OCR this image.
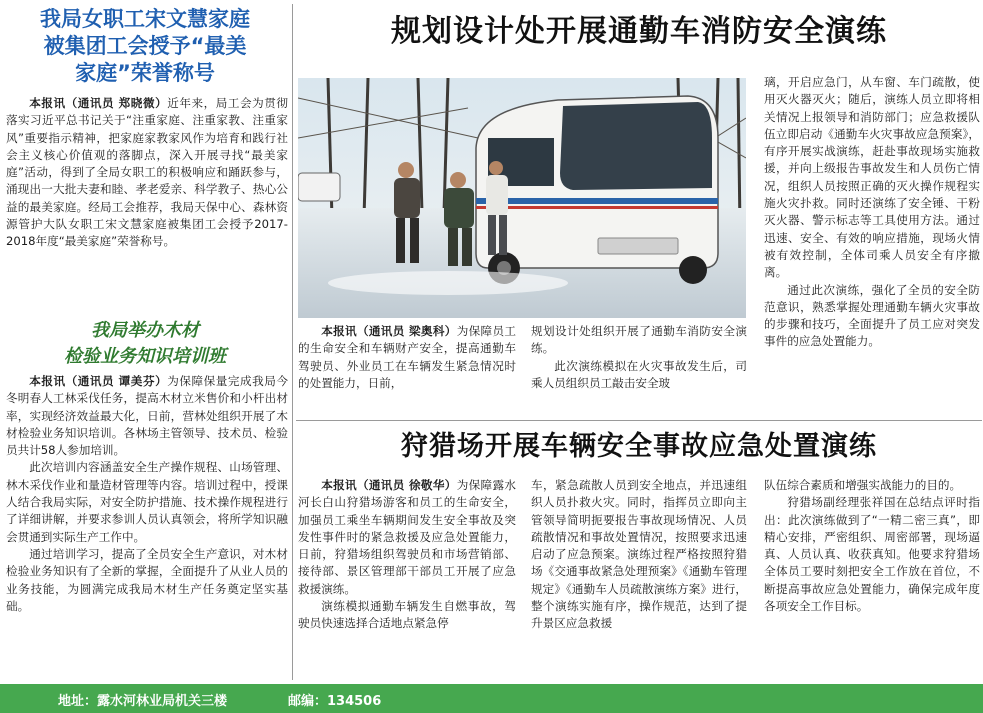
我局女职工宋文慧家庭
被集团工会授予“最美
家庭”荣誉称号

本报讯（通讯员 郑晓微）近年来，局工会为贯彻落实习近平总书记关于“注重家庭、注重家教、注重家风”重要指示精神，把家庭家教家风作为培育和践行社会主义核心价值观的落脚点，深入开展寻找“最美家庭”活动，得到了全局女职工的积极响应和踊跃参与，涌现出一大批夫妻和睦、孝老爱亲、科学教子、热心公益的最美家庭。经局工会推荐，我局天保中心、森林资源管护大队女职工宋文慧家庭被集团工会授予2017-2018年度“最美家庭”荣誉称号。

我局举办木材
检验业务知识培训班

本报讯（通讯员 谭美芬）为保障保量完成我局今冬明春人工林采伐任务，提高木材立米售价和小杆出材率，实现经济效益最大化，日前，营林处组织开展了木材检验业务知识培训。各林场主管领导、技术员、检验员共计58人参加培训。

此次培训内容涵盖安全生产操作规程、山场管理、林木采伐作业和量造材管理等内容。培训过程中，授课人结合我局实际，对安全防护措施、技术操作规程进行了详细讲解，并要求参训人员认真领会，将所学知识融会贯通到实际生产工作中。

通过培训学习，提高了全员安全生产意识，对木材检验业务知识有了全新的掌握，全面提升了从业人员的业务技能，为圆满完成我局木材生产任务奠定坚实基础。

规划设计处开展通勤车消防安全演练

本报讯（通讯员 梁奥科）为保障员工的生命安全和车辆财产安全，提高通勤车驾驶员、外业员工在车辆发生紧急情况时的处置能力，日前，

规划设计处组织开展了通勤车消防安全演练。

此次演练模拟在火灾事故发生后，司乘人员组织员工敲击安全玻

璃，开启应急门，从车窗、车门疏散，使用灭火器灭火；随后，演练人员立即将相关情况上报领导和消防部门；应急救援队伍立即启动《通勤车火灾事故应急预案》，有序开展实战演练，赶赴事故现场实施救援，并向上级报告事故发生和人员伤亡情况，组织人员按照正确的灭火操作规程实施火灾扑救。同时还演练了安全锤、干粉灭火器、警示标志等工具使用方法。通过迅速、安全、有效的响应措施，现场火情被有效控制，全体司乘人员安全有序撤离。

通过此次演练，强化了全员的安全防范意识，熟悉掌握处理通勤车辆火灾事故的步骤和技巧，全面提升了员工应对突发事件的应急处置能力。

狩猎场开展车辆安全事故应急处置演练

本报讯（通讯员 徐敬华）为保障露水河长白山狩猎场游客和员工的生命安全，加强员工乘坐车辆期间发生安全事故及突发性事件时的紧急救援及应急处置能力，日前，狩猎场组织驾驶员和市场营销部、接待部、景区管理部干部员工开展了应急救援演练。

演练模拟通勤车辆发生自燃事故，驾驶员快速选择合适地点紧急停

车，紧急疏散人员到安全地点，并迅速组织人员扑救火灾。同时，指挥员立即向主管领导简明扼要报告事故现场情况、人员疏散情况和事故处置情况，按照要求迅速启动了应急预案。演练过程严格按照狩猎场《交通事故紧急处理预案》《通勤车管理规定》《通勤车人员疏散演练方案》进行，整个演练实施有序，操作规范，达到了提升景区应急救援

队伍综合素质和增强实战能力的目的。

狩猎场副经理张祥国在总结点评时指出：此次演练做到了“一精二密三真”，即精心安排，严密组织、周密部署，现场逼真、人员认真、收获真知。他要求狩猎场全体员工要时刻把安全工作放在首位，不断提高事故应急处置能力，确保完成年度各项安全工作目标。

地址：露水河林业局机关三楼	邮编：134506
